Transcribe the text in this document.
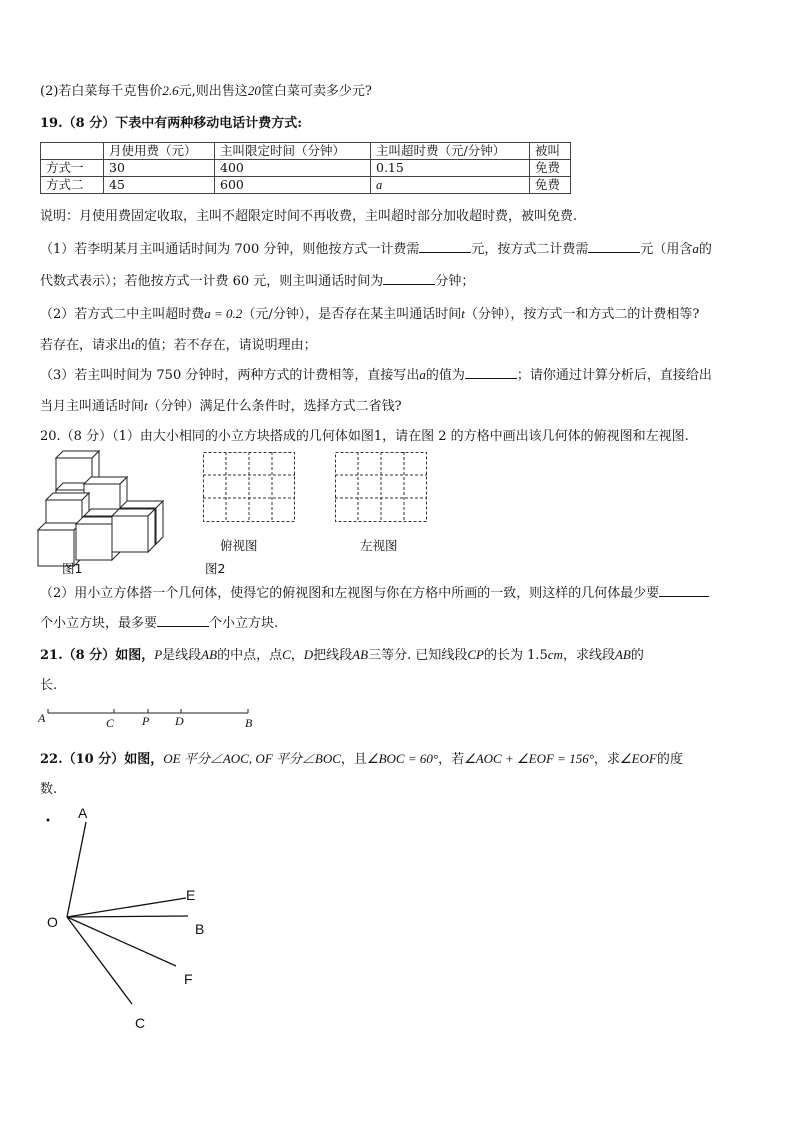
(2)若白菜每千克售价2.6元,则出售这20筐白菜可卖多少元?
19.（8 分）下表中有两种移动电话计费方式:
	月使用费（元）	主叫限定时间（分钟）	主叫超时费（元/分钟）	被叫
方式一	30	400	0.15	免费
方式二	45	600	a	免费
说明：月使用费固定收取，主叫不超限定时间不再收费，主叫超时部分加收超时费，被叫免费.
（1）若李明某月主叫通话时间为 700 分钟，则他按方式一计费需	元，按方式二计费需	元（用含a的
代数式表示）；若他按方式一计费 60 元，则主叫通话时间为	分钟；
（2）若方式二中主叫超时费a = 0.2（元/分钟），是否存在某主叫通话时间t（分钟），按方式一和方式二的计费相等?
若存在，请求出t的值；若不存在，请说明理由；
（3）若主叫时间为 750 分钟时，两种方式的计费相等，直接写出a的值为	；请你通过计算分析后，直接给出
当月主叫通话时间t（分钟）满足什么条件时，选择方式二省钱?
20.（8 分）（1）由大小相同的小立方块搭成的几何体如图1，请在图 2 的方格中画出该几何体的俯视图和左视图.
图1
俯视图	左视图
图2
（2）用小立方体搭一个几何体，使得它的俯视图和左视图与你在方格中所画的一致，则这样的几何体最少要
个小立方块，最多要	个小立方块.
21.（8 分）如图，P是线段AB的中点，点C，D把线段AB三等分. 已知线段CP的长为 1.5cm，求线段AB的
长.
A	C P D	B
22.（10 分）如图，OE 平分∠AOC, OF 平分∠BOC，且∠BOC = 60°，若∠AOC + ∠EOF = 156°，求∠EOF的度
数.
A
O
E
B
F
C
